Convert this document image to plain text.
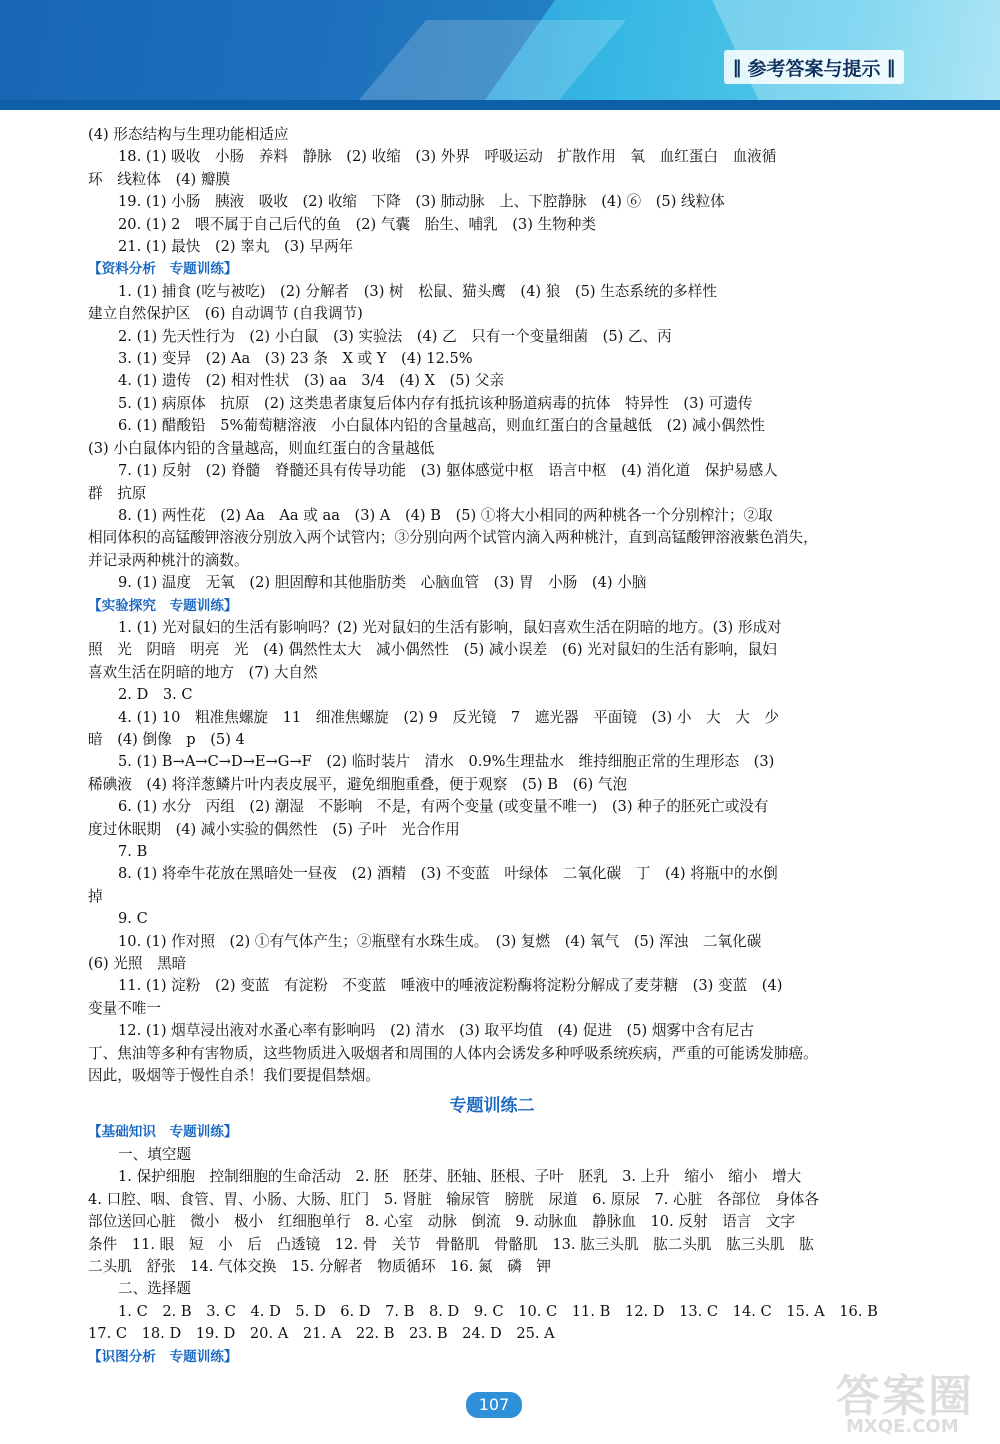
‖ 参考答案与提示 ‖

(4) 形态结构与生理功能相适应

18. (1) 吸收　小肠　养料　静脉　(2) 收缩　(3) 外界　呼吸运动　扩散作用　氧　血红蛋白　血液循

环　线粒体　(4) 瓣膜

19. (1) 小肠　胰液　吸收　(2) 收缩　下降　(3) 肺动脉　上、下腔静脉　(4) ⑥　(5) 线粒体

20. (1) 2　喂不属于自己后代的鱼　(2) 气囊　胎生、哺乳　(3) 生物种类

21. (1) 最快　(2) 睾丸　(3) 早两年

【资料分析　专题训练】

1. (1) 捕食 (吃与被吃)　(2) 分解者　(3) 树　松鼠、猫头鹰　(4) 狼　(5) 生态系统的多样性

建立自然保护区　(6) 自动调节 (自我调节)

2. (1) 先天性行为　(2) 小白鼠　(3) 实验法　(4) 乙　只有一个变量细菌　(5) 乙、丙

3. (1) 变异　(2) Aa　(3) 23 条　X 或 Y　(4) 12.5%

4. (1) 遗传　(2) 相对性状　(3) aa　3/4　(4) X　(5) 父亲

5. (1) 病原体　抗原　(2) 这类患者康复后体内存有抵抗该种肠道病毒的抗体　特异性　(3) 可遗传

6. (1) 醋酸铅　5%葡萄糖溶液　小白鼠体内铅的含量越高，则血红蛋白的含量越低　(2) 减小偶然性

(3) 小白鼠体内铅的含量越高，则血红蛋白的含量越低

7. (1) 反射　(2) 脊髓　脊髓还具有传导功能　(3) 躯体感觉中枢　语言中枢　(4) 消化道　保护易感人

群　抗原

8. (1) 两性花　(2) Aa　Aa 或 aa　(3) A　(4) B　(5) ①将大小相同的两种桃各一个分别榨汁；②取

相同体积的高锰酸钾溶液分别放入两个试管内；③分别向两个试管内滴入两种桃汁，直到高锰酸钾溶液紫色消失，

并记录两种桃汁的滴数。

9. (1) 温度　无氧　(2) 胆固醇和其他脂肪类　心脑血管　(3) 胃　小肠　(4) 小脑

【实验探究　专题训练】

1. (1) 光对鼠妇的生活有影响吗？(2) 光对鼠妇的生活有影响，鼠妇喜欢生活在阴暗的地方。(3) 形成对

照　光　阴暗　明亮　光　(4) 偶然性太大　减小偶然性　(5) 减小误差　(6) 光对鼠妇的生活有影响，鼠妇

喜欢生活在阴暗的地方　(7) 大自然

2. D　3. C

4. (1) 10　粗准焦螺旋　11　细准焦螺旋　(2) 9　反光镜　7　遮光器　平面镜　(3) 小　大　大　少

暗　(4) 倒像　p　(5) 4

5. (1) B→A→C→D→E→G→F　(2) 临时装片　清水　0.9%生理盐水　维持细胞正常的生理形态　(3)

稀碘液　(4) 将洋葱鳞片叶内表皮展平，避免细胞重叠，便于观察　(5) B　(6) 气泡

6. (1) 水分　丙组　(2) 潮湿　不影响　不是，有两个变量 (或变量不唯一)　(3) 种子的胚死亡或没有

度过休眠期　(4) 减小实验的偶然性　(5) 子叶　光合作用

7. B

8. (1) 将牵牛花放在黑暗处一昼夜　(2) 酒精　(3) 不变蓝　叶绿体　二氧化碳　丁　(4) 将瓶中的水倒

掉

9. C

10. (1) 作对照　(2) ①有气体产生；②瓶壁有水珠生成。　(3) 复燃　(4) 氧气　(5) 浑浊　二氧化碳

(6) 光照　黑暗

11. (1) 淀粉　(2) 变蓝　有淀粉　不变蓝　唾液中的唾液淀粉酶将淀粉分解成了麦芽糖　(3) 变蓝　(4)

变量不唯一

12. (1) 烟草浸出液对水蚤心率有影响吗　(2) 清水　(3) 取平均值　(4) 促进　(5) 烟雾中含有尼古

丁、焦油等多种有害物质，这些物质进入吸烟者和周围的人体内会诱发多种呼吸系统疾病，严重的可能诱发肺癌。

因此，吸烟等于慢性自杀！我们要提倡禁烟。

专题训练二

【基础知识　专题训练】

一、填空题

1. 保护细胞　控制细胞的生命活动　2. 胚　胚芽、胚轴、胚根、子叶　胚乳　3. 上升　缩小　缩小　增大

4. 口腔、咽、食管、胃、小肠、大肠、肛门　5. 肾脏　输尿管　膀胱　尿道　6. 原尿　7. 心脏　各部位　身体各

部位送回心脏　微小　极小　红细胞单行　8. 心室　动脉　倒流　9. 动脉血　静脉血　10. 反射　语言　文字

条件　11. 眼　短　小　后　凸透镜　12. 骨　关节　骨骼肌　骨骼肌　13. 肱三头肌　肱二头肌　肱三头肌　肱

二头肌　舒张　14. 气体交换　15. 分解者　物质循环　16. 氮　磷　钾

二、选择题

1. C　2. B　3. C　4. D　5. D　6. D　7. B　8. D　9. C　10. C　11. B　12. D　13. C　14. C　15. A　16. B

17. C　18. D　19. D　20. A　21. A　22. B　23. B　24. D　25. A

【识图分析　专题训练】

107	答案圈
MXQE.COM
